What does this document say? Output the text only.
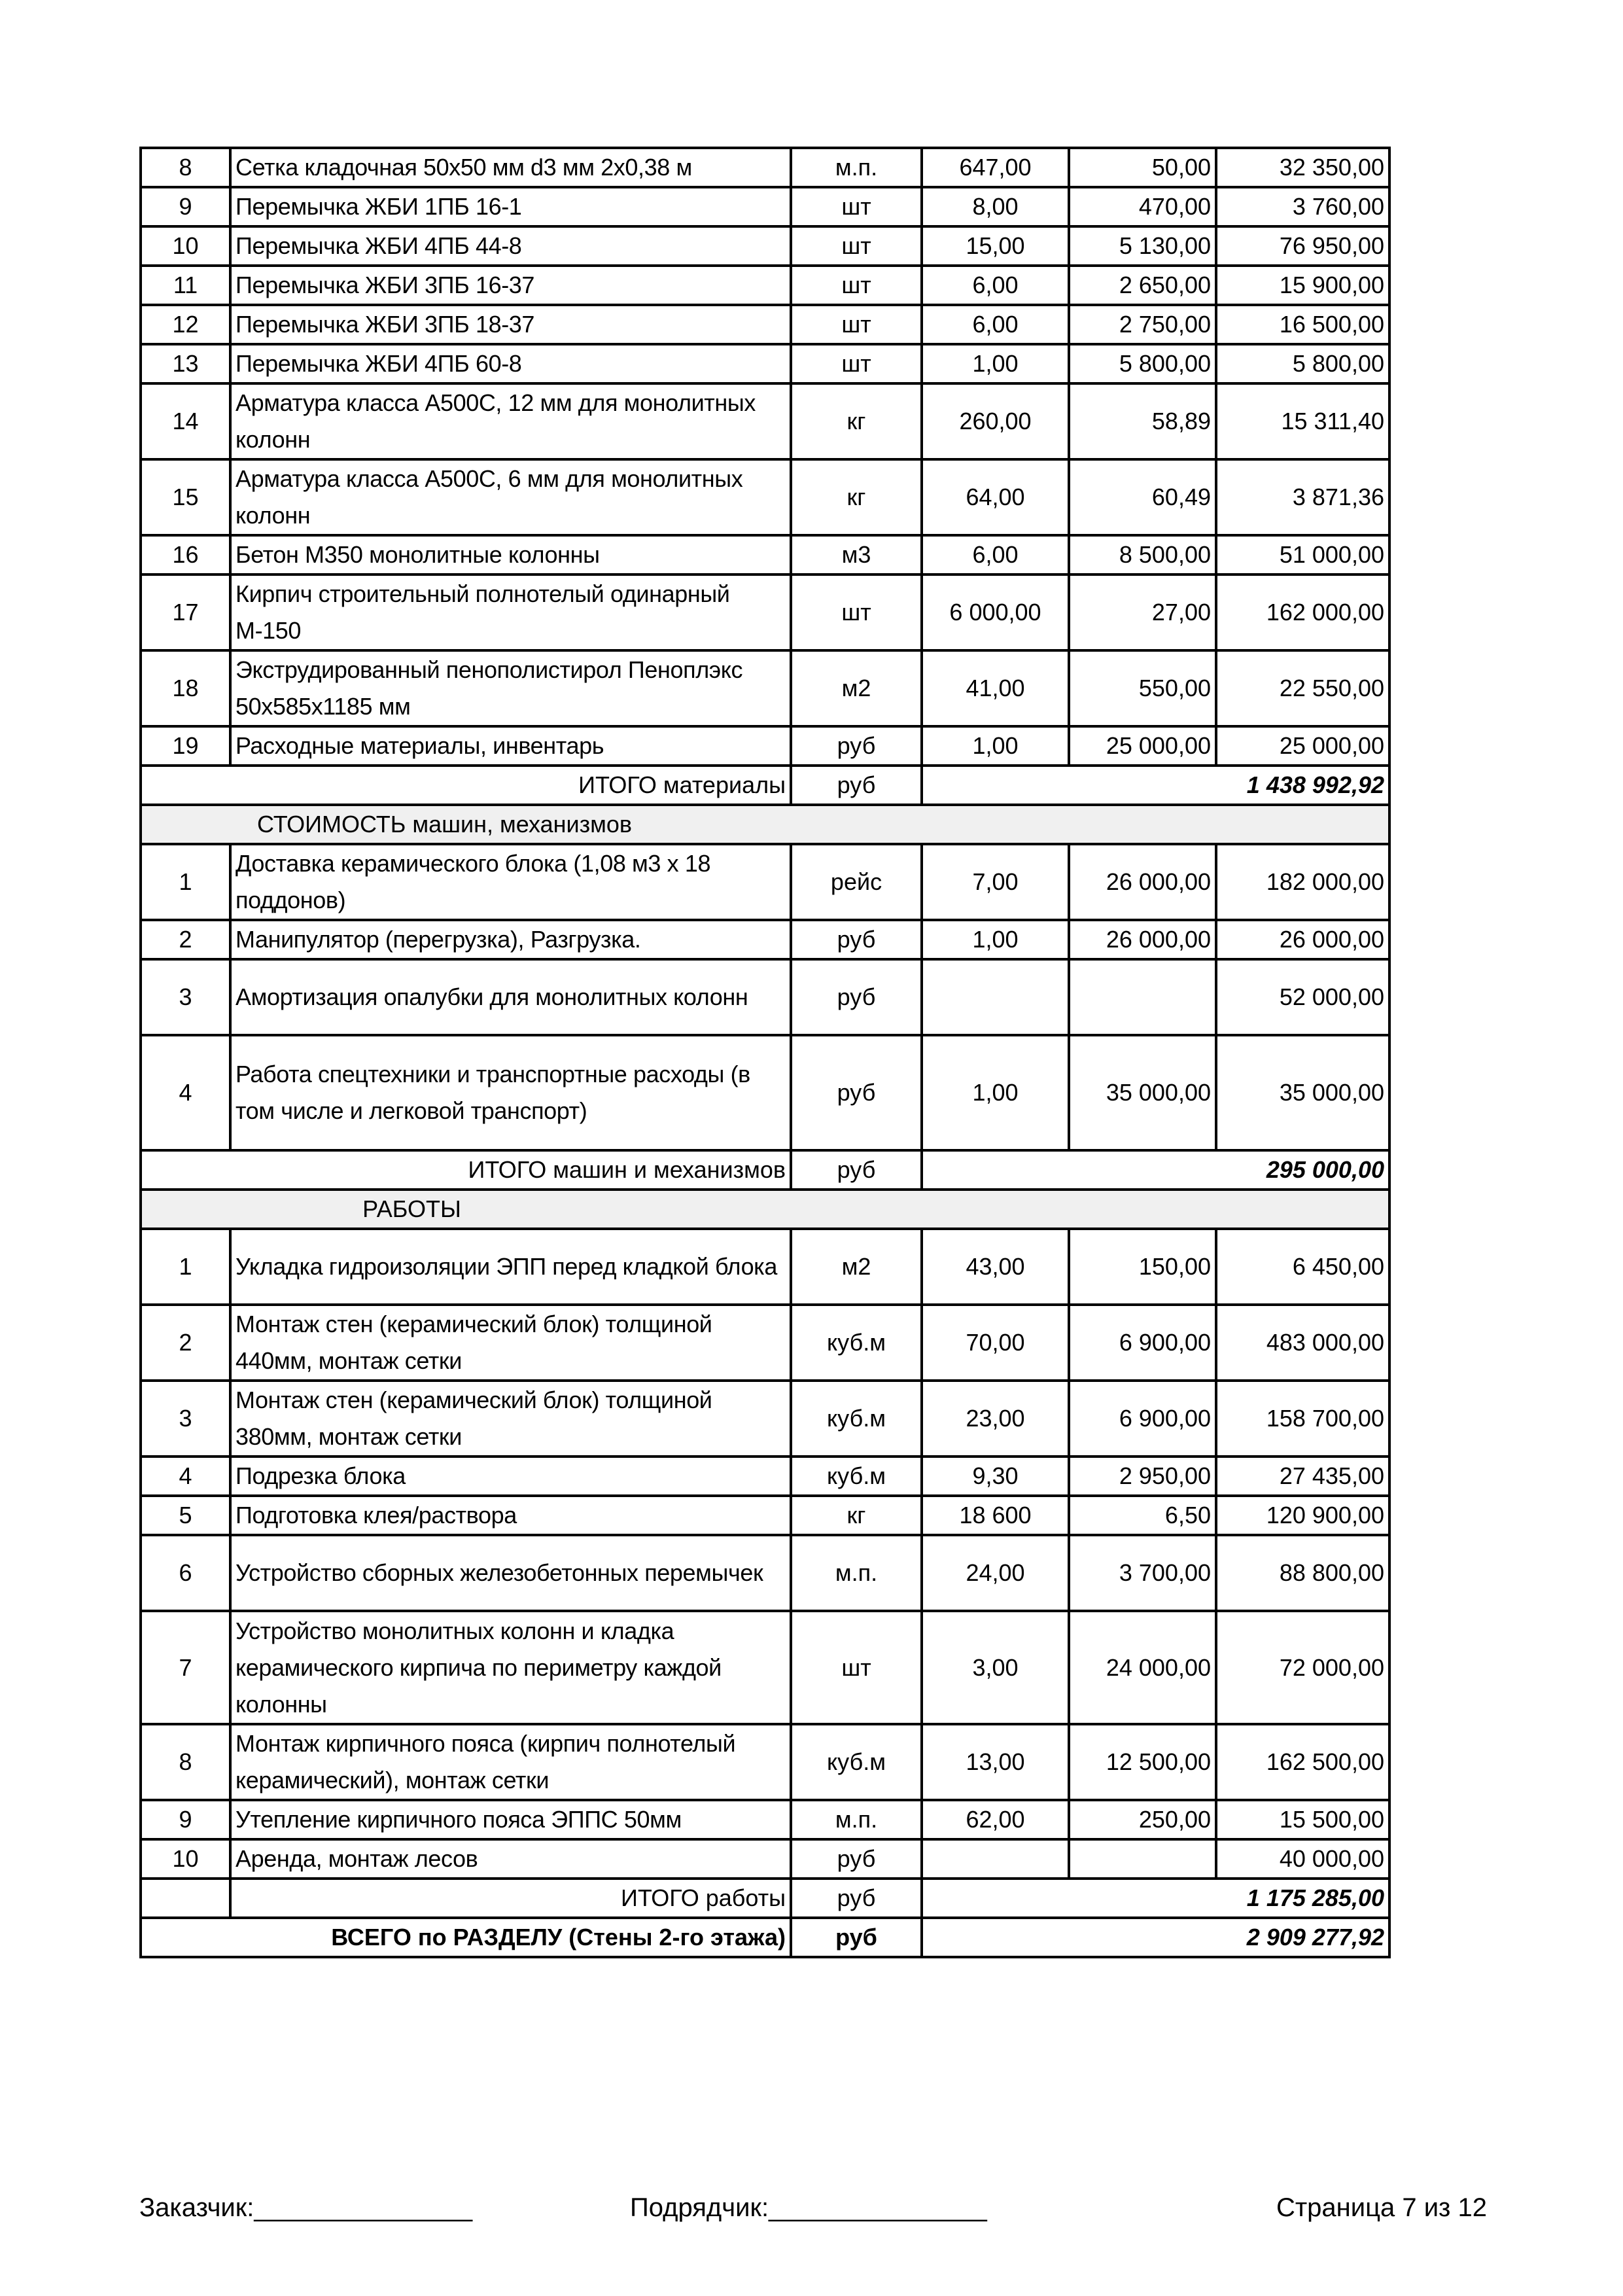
8	Сетка кладочная 50х50 мм d3 мм 2х0,38 м	м.п.	647,00	50,00	32 350,00
9	Перемычка ЖБИ 1ПБ 16-1	шт	8,00	470,00	3 760,00
10	Перемычка ЖБИ 4ПБ 44-8	шт	15,00	5 130,00	76 950,00
11	Перемычка ЖБИ 3ПБ 16-37	шт	6,00	2 650,00	15 900,00
12	Перемычка ЖБИ 3ПБ 18-37	шт	6,00	2 750,00	16 500,00
13	Перемычка ЖБИ 4ПБ 60-8	шт	1,00	5 800,00	5 800,00
14	Арматура класса А500С, 12 мм для монолитных колонн	кг	260,00	58,89	15 311,40
15	Арматура класса А500С, 6 мм для монолитных колонн	кг	64,00	60,49	3 871,36
16	Бетон М350 монолитные колонны	м3	6,00	8 500,00	51 000,00
17	Кирпич строительный полнотелый одинарный М-150	шт	6 000,00	27,00	162 000,00
18	Экструдированный пенополистирол Пеноплэкс 50х585х1185 мм	м2	41,00	550,00	22 550,00
19	Расходные материалы, инвентарь	руб	1,00	25 000,00	25 000,00
ИТОГО материалы		руб	1 438 992,92		
СТОИМОСТЬ машин, механизмов					
1	Доставка керамического блока (1,08 м3 х 18 поддонов)	рейс	7,00	26 000,00	182 000,00
2	Манипулятор (перегрузка), Разгрузка.	руб	1,00	26 000,00	26 000,00
3	Амортизация опалубки для монолитных колонн	руб			52 000,00
4	Работа спецтехники и транспортные расходы (в том числе и легковой транспорт)	руб	1,00	35 000,00	35 000,00
ИТОГО машин и механизмов		руб	295 000,00		
РАБОТЫ					
1	Укладка гидроизоляции ЭПП перед кладкой блока	м2	43,00	150,00	6 450,00
2	Монтаж стен (керамический блок) толщиной 440мм, монтаж сетки	куб.м	70,00	6 900,00	483 000,00
3	Монтаж стен (керамический блок) толщиной 380мм, монтаж сетки	куб.м	23,00	6 900,00	158 700,00
4	Подрезка блока	куб.м	9,30	2 950,00	27 435,00
5	Подготовка клея/раствора	кг	18 600	6,50	120 900,00
6	Устройство сборных железобетонных перемычек	м.п.	24,00	3 700,00	88 800,00
7	Устройство монолитных колонн и кладка керамического кирпича по периметру каждой колонны	шт	3,00	24 000,00	72 000,00
8	Монтаж кирпичного пояса (кирпич полнотелый керамический), монтаж сетки	куб.м	13,00	12 500,00	162 500,00
9	Утепление кирпичного пояса ЭППС 50мм	м.п.	62,00	250,00	15 500,00
10	Аренда, монтаж лесов	руб			40 000,00
	ИТОГО работы	руб	1 175 285,00		
ВСЕГО по РАЗДЕЛУ (Стены 2-го этажа)		руб	2 909 277,92		
Заказчик:_______________	Подрядчик:_______________	Страница 7 из 12
